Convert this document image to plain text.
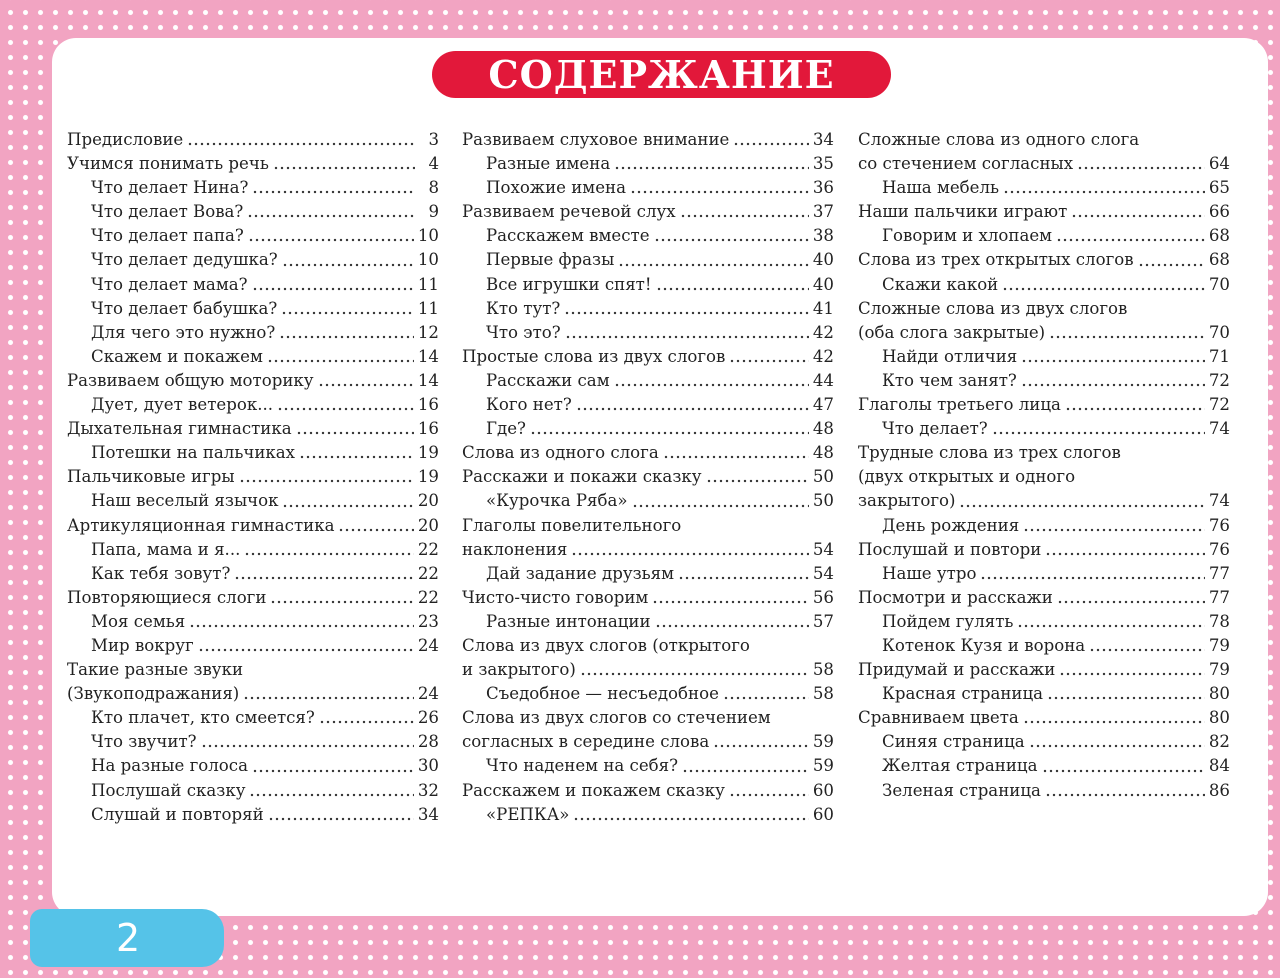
СОДЕРЖАНИЕ
Предисловие	3
Учимся понимать речь	4
Что делает Нина?	8
Что делает Вова?	9
Что делает папа?	10
Что делает дедушка?	10
Что делает мама?	11
Что делает бабушка?	11
Для чего это нужно?	12
Скажем и покажем	14
Развиваем общую моторику	14
Дует, дует ветерок...	16
Дыхательная гимнастика	16
Потешки на пальчиках	19
Пальчиковые игры	19
Наш веселый язычок	20
Артикуляционная гимнастика	20
Папа, мама и я...	22
Как тебя зовут?	22
Повторяющиеся слоги	22
Моя семья	23
Мир вокруг	24
Такие разные звуки
(Звукоподражания)	24
Кто плачет, кто смеется?	26
Что звучит?	28
На разные голоса	30
Послушай сказку	32
Слушай и повторяй	34
Развиваем слуховое внимание	34
Разные имена	35
Похожие имена	36
Развиваем речевой слух	37
Расскажем вместе	38
Первые фразы	40
Все игрушки спят!	40
Кто тут?	41
Что это?	42
Простые слова из двух слогов	42
Расскажи сам	44
Кого нет?	47
Где?	48
Слова из одного слога	48
Расскажи и покажи сказку	50
«Курочка Ряба»	50
Глаголы повелительного
наклонения	54
Дай задание друзьям	54
Чисто-чисто говорим	56
Разные интонации	57
Слова из двух слогов (открытого
и закрытого)	58
Съедобное — несъедобное	58
Слова из двух слогов со стечением
согласных в середине слова	59
Что наденем на себя?	59
Расскажем и покажем сказку	60
«РЕПКА»	60
Сложные слова из одного слога
со стечением согласных	64
Наша мебель	65
Наши пальчики играют	66
Говорим и хлопаем	68
Слова из трех открытых слогов	68
Скажи какой	70
Сложные слова из двух слогов
(оба слога закрытые)	70
Найди отличия	71
Кто чем занят?	72
Глаголы третьего лица	72
Что делает?	74
Трудные слова из трех слогов
(двух открытых и одного
закрытого)	74
День рождения	76
Послушай и повтори	76
Наше утро	77
Посмотри и расскажи	77
Пойдем гулять	78
Котенок Кузя и ворона	79
Придумай и расскажи	79
Красная страница	80
Сравниваем цвета	80
Синяя страница	82
Желтая страница	84
Зеленая страница	86
2
